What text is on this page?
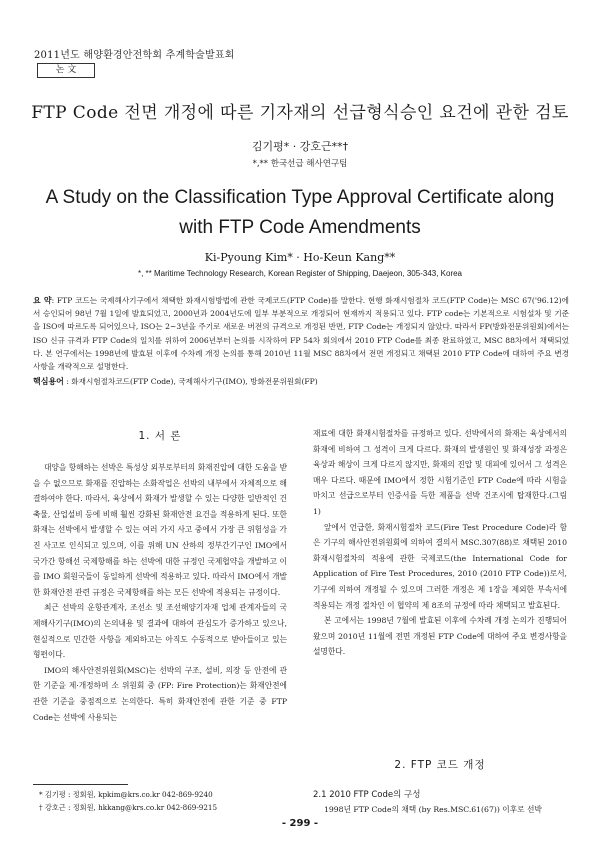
2011년도 해양환경안전학회 추계학술발표회
논 文
FTP Code 전면 개정에 따른 기자재의 선급형식승인 요건에 관한 검토
김기평* · 강호근**†
*,** 한국선급 해사연구팀
A Study on the Classification Type Approval Certificate along with FTP Code Amendments
Ki-Pyoung Kim* · Ho-Keun Kang**
*, ** Maritime Technology Research, Korean Register of Shipping, Daejeon, 305-343, Korea
요 약: FTP 코드는 국제해사기구에서 채택한 화재시험방법에 관한 국제코드(FTP Code)를 말한다. 현행 화재시험절차 코드(FTP Code)는 MSC 67('96.12)에서 승인되어 98년 7월 1일에 발효되었고, 2000년과 2004년도에 일부 부분적으로 개정되어 현재까지 적용되고 있다. FTP code는 기본적으로 시험설차 및 기준을 ISO에 따르도록 되어있으나, ISO는 2~3년을 주기로 새로운 버전의 규격으로 개정된 반면, FTP Code는 개정되지 않았다. 따라서 FP(방화전문위원회)에서는 ISO 신규 규격과 FTP Code의 일치를 위하여 2006년부터 논의를 시작하여 FP 54차 회의에서 2010 FTP Code를 최종 완료하였고, MSC 88차에서 채택되었다. 본 연구에서는 1998년에 발효된 이후에 수차례 개정 논의를 통해 2010년 11월 MSC 88차에서 전면 개정되고 채택된 2010 FTP Code에 대하여 주요 변경사항을 개략적으로 설명한다.
핵심용어 : 화재시험절차코드(FTP Code), 국제해사기구(IMO), 방화전문위원회(FP)
1. 서 론

대양을 항해하는 선박은 특성상 외부로부터의 화재진압에 대한 도움을 받을 수 없으므로 화재를 진압하는 소화작업은 선박의 내부에서 자체적으로 해결하여야 한다. 따라서, 육상에서 화재가 발생할 수 있는 다양한 일반적인 건축물, 산업설비 등에 비해 훨씬 강화된 화재안전 요건을 적용하게 된다. 또한 화재는 선박에서 발생할 수 있는 여러 가지 사고 중에서 가장 큰 위험성을 가진 사고로 인식되고 있으며, 이를 위해 UN 산하의 정부간기구인 IMO에서 국가간 항해선 국제항해를 하는 선박에 대한 규정인 국제협약을 개발하고 이를 IMO 회원국들이 동일하게 선박에 적용하고 있다. 따라서 IMO에서 개발한 화재안전 관련 규정은 국제항해를 하는 모든 선박에 적용되는 규정이다.

최근 선박의 운항관계자, 조선소 및 조선해양기자재 업체 관계자들의 국제해사기구(IMO)의 논의내용 및 결과에 대하여 관심도가 증가하고 있으나, 현실적으로 민간한 사항을 제외하고는 아직도 수동적으로 받아들이고 있는 형편이다.

IMO의 해사안전위원회(MSC)는 선박의 구조, 설비, 의장 등 안전에 관한 기준을 제·개정하며 소 위원회 중 (FP: Fire Protection)는 화재안전에 관한 기준을 중점적으로 논의한다. 특히 화재안전에 관한 기준 중 FTP Code는 선박에 사용되는

재료에 대한 화재시험절차를 규정하고 있다. 선박에서의 화재는 육상에서의 화재에 비하여 그 성격이 크게 다르다. 화재의 발생원인 및 화재성장 과정은 육상과 해상이 크게 다르지 않지만, 화재의 진압 및 대피에 있어서 그 성격은 매우 다르다. 때문에 IMO에서 정한 시험기준인 FTP Code에 따라 시험을 마치고 선급으로부터 인증서를 득한 제품을 선박 건조시에 탑재한다.(그림 1)

앞에서 언급한, 화재시험절차 코드(Fire Test Procedure Code)라 함은 기구의 해사안전위원회에 의하여 결의서 MSC.307(88)로 채택된 2010 화재시험절차의 적용에 관한 국제코드(the International Code for Application of Fire Test Procedures, 2010 (2010 FTP Code))로서, 기구에 의하여 개정될 수 있으며 그러한 개정은 제 1장을 제외한 부속서에 적용되는 개정 절차인 이 협약의 제 8조의 규정에 따라 채택되고 발효된다.

본 고에서는 1998년 7월에 발효된 이후에 수차례 개정 논의가 진행되어 왔으며 2010년 11월에 전면 개정된 FTP Code에 대하여 주요 변경사항을 설명한다.

2. FTP 코드 개정
2.1 2010 FTP Code의 구성
1998년 FTP Code의 채택 (by Res.MSC.61(67)) 이후로 선박
* 김기평 : 정회원, kpkim@krs.co.kr 042-869-9240
† 강호근 : 정회원, hkkang@krs.co.kr 042-869-9215
- 299 -
